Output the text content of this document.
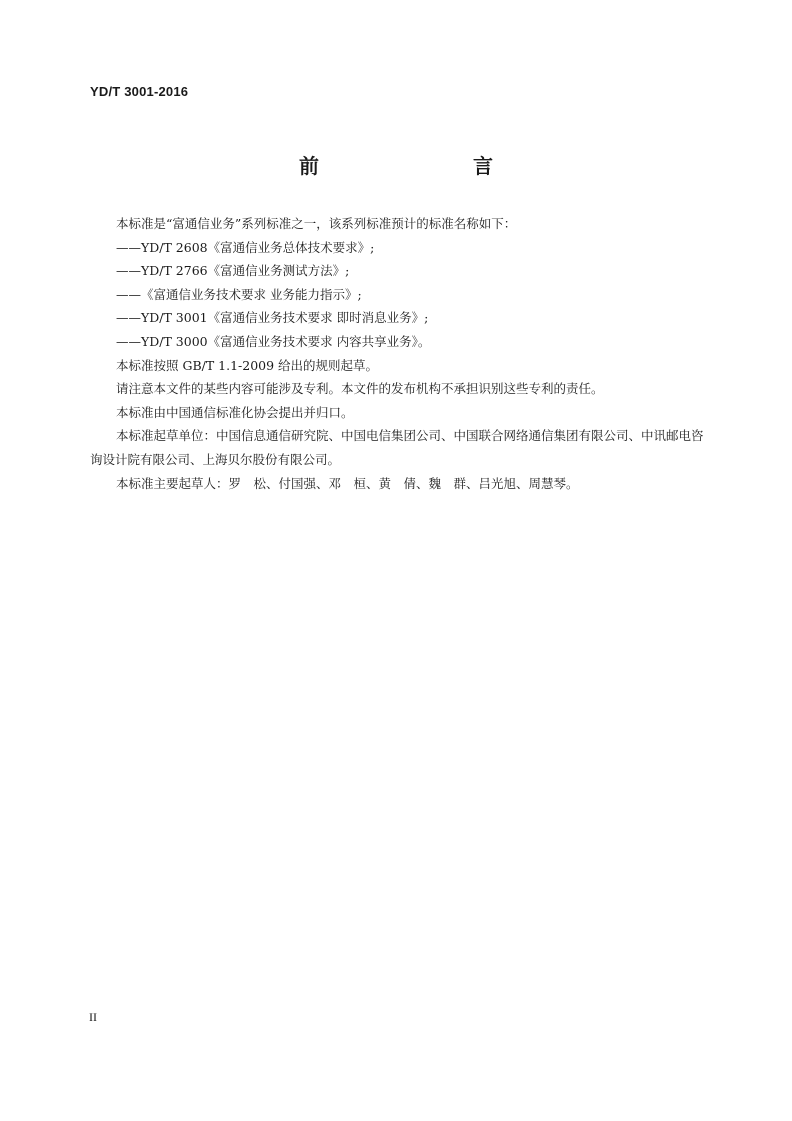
YD/T 3001-2016
前　　言

本标准是“富通信业务”系列标准之一，该系列标准预计的标准名称如下：

——YD/T 2608《富通信业务总体技术要求》;

——YD/T 2766《富通信业务测试方法》;

——《富通信业务技术要求 业务能力指示》;

——YD/T 3001《富通信业务技术要求 即时消息业务》;

——YD/T 3000《富通信业务技术要求 内容共享业务》。

本标准按照 GB/T 1.1-2009 给出的规则起草。

请注意本文件的某些内容可能涉及专利。本文件的发布机构不承担识别这些专利的责任。

本标准由中国通信标准化协会提出并归口。

本标准起草单位：中国信息通信研究院、中国电信集团公司、中国联合网络通信集团有限公司、中讯邮电咨询设计院有限公司、上海贝尔股份有限公司。

本标准主要起草人：罗　松、付国强、邓　桓、黄　倩、魏　群、吕光旭、周慧琴。

II
